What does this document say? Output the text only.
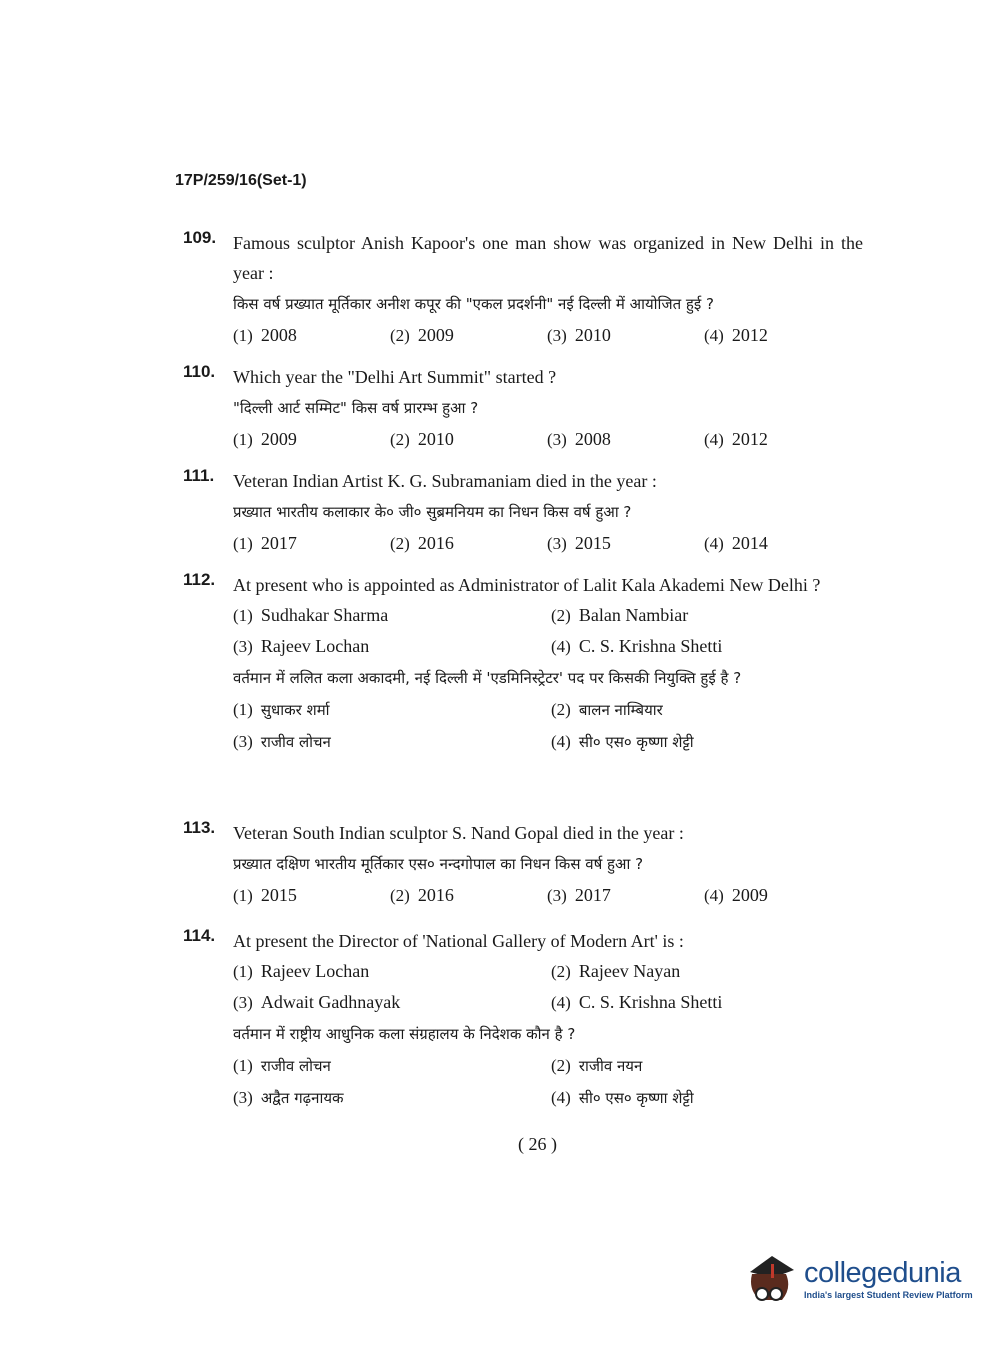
17P/259/16(Set-1)
109. Famous sculptor Anish Kapoor's one man show was organized in New Delhi in the year :
किस वर्ष प्रख्यात मूर्तिकार अनीश कपूर की "एकल प्रदर्शनी" नई दिल्ली में आयोजित हुई ?
(1) 2008	(2) 2009	(3) 2010	(4) 2012
110. Which year the "Delhi Art Summit" started ?
"दिल्ली आर्ट सम्मिट" किस वर्ष प्रारम्भ हुआ ?
(1) 2009	(2) 2010	(3) 2008	(4) 2012
111. Veteran Indian Artist K. G. Subramaniam died in the year :
प्रख्यात भारतीय कलाकार के० जी० सुब्रमनियम का निधन किस वर्ष हुआ ?
(1) 2017	(2) 2016	(3) 2015	(4) 2014
112. At present who is appointed as Administrator of Lalit Kala Akademi New Delhi ?
(1) Sudhakar Sharma	(2) Balan Nambiar
(3) Rajeev Lochan	(4) C. S. Krishna Shetti
वर्तमान में ललित कला अकादमी, नई दिल्ली में 'एडमिनिस्ट्रेटर' पद पर किसकी नियुक्ति हुई है ?
(1) सुधाकर शर्मा	(2) बालन नाम्बियार
(3) राजीव लोचन	(4) सी० एस० कृष्णा शेट्टी
113. Veteran South Indian sculptor S. Nand Gopal died in the year :
प्रख्यात दक्षिण भारतीय मूर्तिकार एस० नन्दगोपाल का निधन किस वर्ष हुआ ?
(1) 2015	(2) 2016	(3) 2017	(4) 2009
114. At present the Director of 'National Gallery of Modern Art' is :
(1) Rajeev Lochan	(2) Rajeev Nayan
(3) Adwait Gadhnayak	(4) C. S. Krishna Shetti
वर्तमान में राष्ट्रीय आधुनिक कला संग्रहालय के निदेशक कौन है ?
(1) राजीव लोचन	(2) राजीव नयन
(3) अद्वैत गढ़नायक	(4) सी० एस० कृष्णा शेट्टी
( 26 )
collegedunia
India's largest Student Review Platform
